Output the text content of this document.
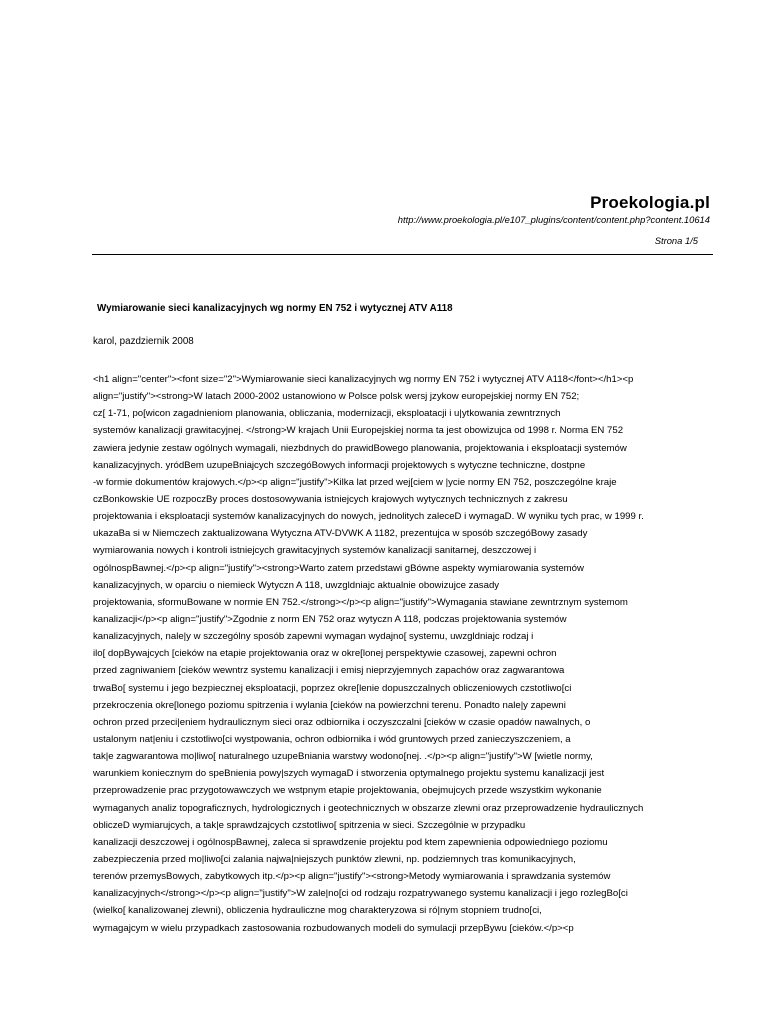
Proekologia.pl
http://www.proekologia.pl/e107_plugins/content/content.php?content.10614
Strona 1/5
Wymiarowanie sieci kanalizacyjnych wg normy EN 752 i wytycznej ATV A118
karol, pazdziernik 2008
<h1 align="center"><font size="2">Wymiarowanie sieci kanalizacyjnych wg normy EN 752 i wytycznej ATV A118</font></h1><p
align="justify"><strong>W latach 2000-2002 ustanowiono w Polsce polsk wersj jzykow europejskiej normy EN 752;
cz[ 1-71, po[wicon zagadnieniom planowania, obliczania, modernizacji, eksploatacji i u|ytkowania zewntrznych
systemów kanalizacji grawitacyjnej. </strong>W krajach Unii Europejskiej norma ta jest obowizujca od 1998 r. Norma EN 752
zawiera jedynie zestaw ogólnych wymagali, niezbdnych do prawidBowego planowania, projektowania i eksploatacji systemów
kanalizacyjnych. yródBem uzupeBniajcych szczegóBowych informacji projektowych s wytyczne techniczne, dostpne
-w formie dokumentów krajowych.</p><p align="justify">Kilka lat przed wej[ciem w |ycie normy EN 752, poszczególne kraje
czBonkowskie UE rozpoczBy proces dostosowywania istniejcych krajowych wytycznych technicznych z zakresu
projektowania i eksploatacji systemów kanalizacyjnych do nowych, jednolitych zaleceD i wymagaD. W wyniku tych prac, w 1999 r.
ukazaBa si w Niemczech zaktualizowana Wytyczna ATV-DVWK A 1182, prezentujca w sposób szczegóBowy zasady
wymiarowania nowych i kontroli istniejcych grawitacyjnych systemów kanalizacji sanitarnej, deszczowej i
ogólnospBawnej.</p><p align="justify"><strong>Warto zatem przedstawi gBówne aspekty wymiarowania systemów
kanalizacyjnych, w oparciu o niemieck Wytyczn A 118, uwzgldniajc aktualnie obowizujce zasady
projektowania, sformuBowane w normie EN 752.</strong></p><p align="justify">Wymagania stawiane zewntrznym systemom
kanalizacji</p><p align="justify">Zgodnie z norm EN 752 oraz wytyczn A 118, podczas projektowania systemów
kanalizacyjnych, nale|y w szczególny sposób zapewni wymagan wydajno[ systemu, uwzgldniajc rodzaj i
ilo[ dopBywajcych [cieków na etapie projektowania oraz w okre[lonej perspektywie czasowej, zapewni ochron
przed zagniwaniem [cieków wewntrz systemu kanalizacji i emisj nieprzyjemnych zapachów oraz zagwarantowa
trwaBo[ systemu i jego bezpiecznej eksploatacji, poprzez okre[lenie dopuszczalnych obliczeniowych czstotliwo[ci
przekroczenia okre[lonego poziomu spitrzenia i wylania [cieków na powierzchni terenu. Ponadto nale|y zapewni
ochron przed przeci|eniem hydraulicznym sieci oraz odbiornika i oczyszczalni [cieków w czasie opadów nawalnych, o
ustalonym nat|eniu i czstotliwo[ci wystpowania, ochron odbiornika i wód gruntowych przed zanieczyszczeniem, a
tak|e zagwarantowa mo|liwo[ naturalnego uzupeBniania warstwy wodono[nej. .</p><p align="justify">W [wietle normy,
warunkiem koniecznym do speBnienia powy|szych wymagaD i stworzenia optymalnego projektu systemu kanalizacji jest
przeprowadzenie prac przygotowawczych we wstpnym etapie projektowania, obejmujcych przede wszystkim wykonanie
wymaganych analiz topograficznych, hydrologicznych i geotechnicznych w obszarze zlewni oraz przeprowadzenie hydraulicznych
obliczeD wymiarujcych, a tak|e sprawdzajcych czstotliwo[ spitrzenia w sieci. Szczególnie w przypadku
kanalizacji deszczowej i ogólnospBawnej, zaleca si sprawdzenie projektu pod ktem zapewnienia odpowiedniego poziomu
zabezpieczenia przed mo|liwo[ci zalania najwa|niejszych punktów zlewni, np. podziemnych tras komunikacyjnych,
terenów przemysBowych, zabytkowych itp.</p><p align="justify"><strong>Metody wymiarowania i sprawdzania systemów
kanalizacyjnych</strong></p><p align="justify">W zale|no[ci od rodzaju rozpatrywanego systemu kanalizacji i jego rozlegBo[ci
(wielko[ kanalizowanej zlewni), obliczenia hydrauliczne mog charakteryzowa si ró|nym stopniem trudno[ci,
wymagajcym w wielu przypadkach zastosowania rozbudowanych modeli do symulacji przepBywu [cieków.</p><p
